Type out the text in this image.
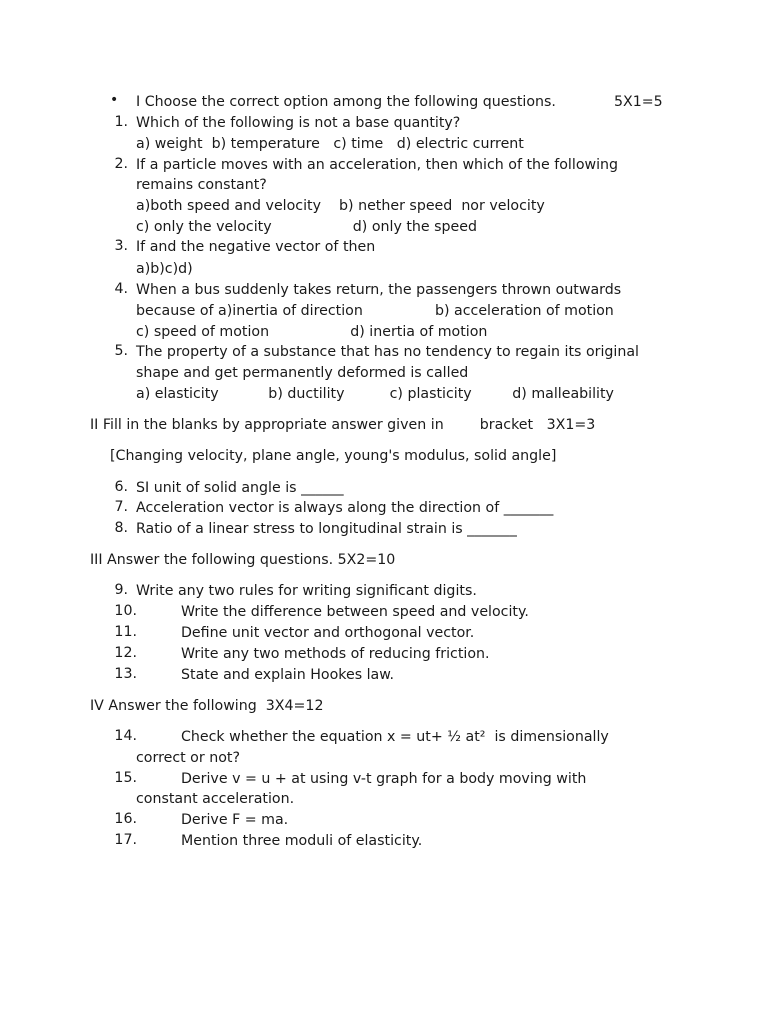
• I Choose the correct option among the following questions.	5X1=5
1. Which of the following is not a base quantity?
a) weight  b) temperature   c) time   d) electric current
2. If a particle moves with an acceleration, then which of the following
remains constant?
a)both speed and velocity    b) nether speed  nor velocity
c) only the velocity                  d) only the speed
3. If and the negative vector of then
a)b)c)d)
4. When a bus suddenly takes return, the passengers thrown outwards
because of a)inertia of direction                b) acceleration of motion
c) speed of motion                  d) inertia of motion
5. The property of a substance that has no tendency to regain its original
shape and get permanently deformed is called
a) elasticity           b) ductility          c) plasticity         d) malleability
II Fill in the blanks by appropriate answer given in        bracket   3X1=3
[Changing velocity, plane angle, young's modulus, solid angle]
6. SI unit of solid angle is ______
7. Acceleration vector is always along the direction of _______
8. Ratio of a linear stress to longitudinal strain is _______
III Answer the following questions. 5X2=10
9. Write any two rules for writing significant digits.
10.	Write the difference between speed and velocity.
11.	Define unit vector and orthogonal vector.
12.	Write any two methods of reducing friction.
13.	State and explain Hookes law.
IV Answer the following  3X4=12
14.	Check whether the equation x = ut+ ½ at²  is dimensionally
correct or not?
15.	Derive v = u + at using v-t graph for a body moving with
constant acceleration.
16.	Derive F = ma.
17.	Mention three moduli of elasticity.
